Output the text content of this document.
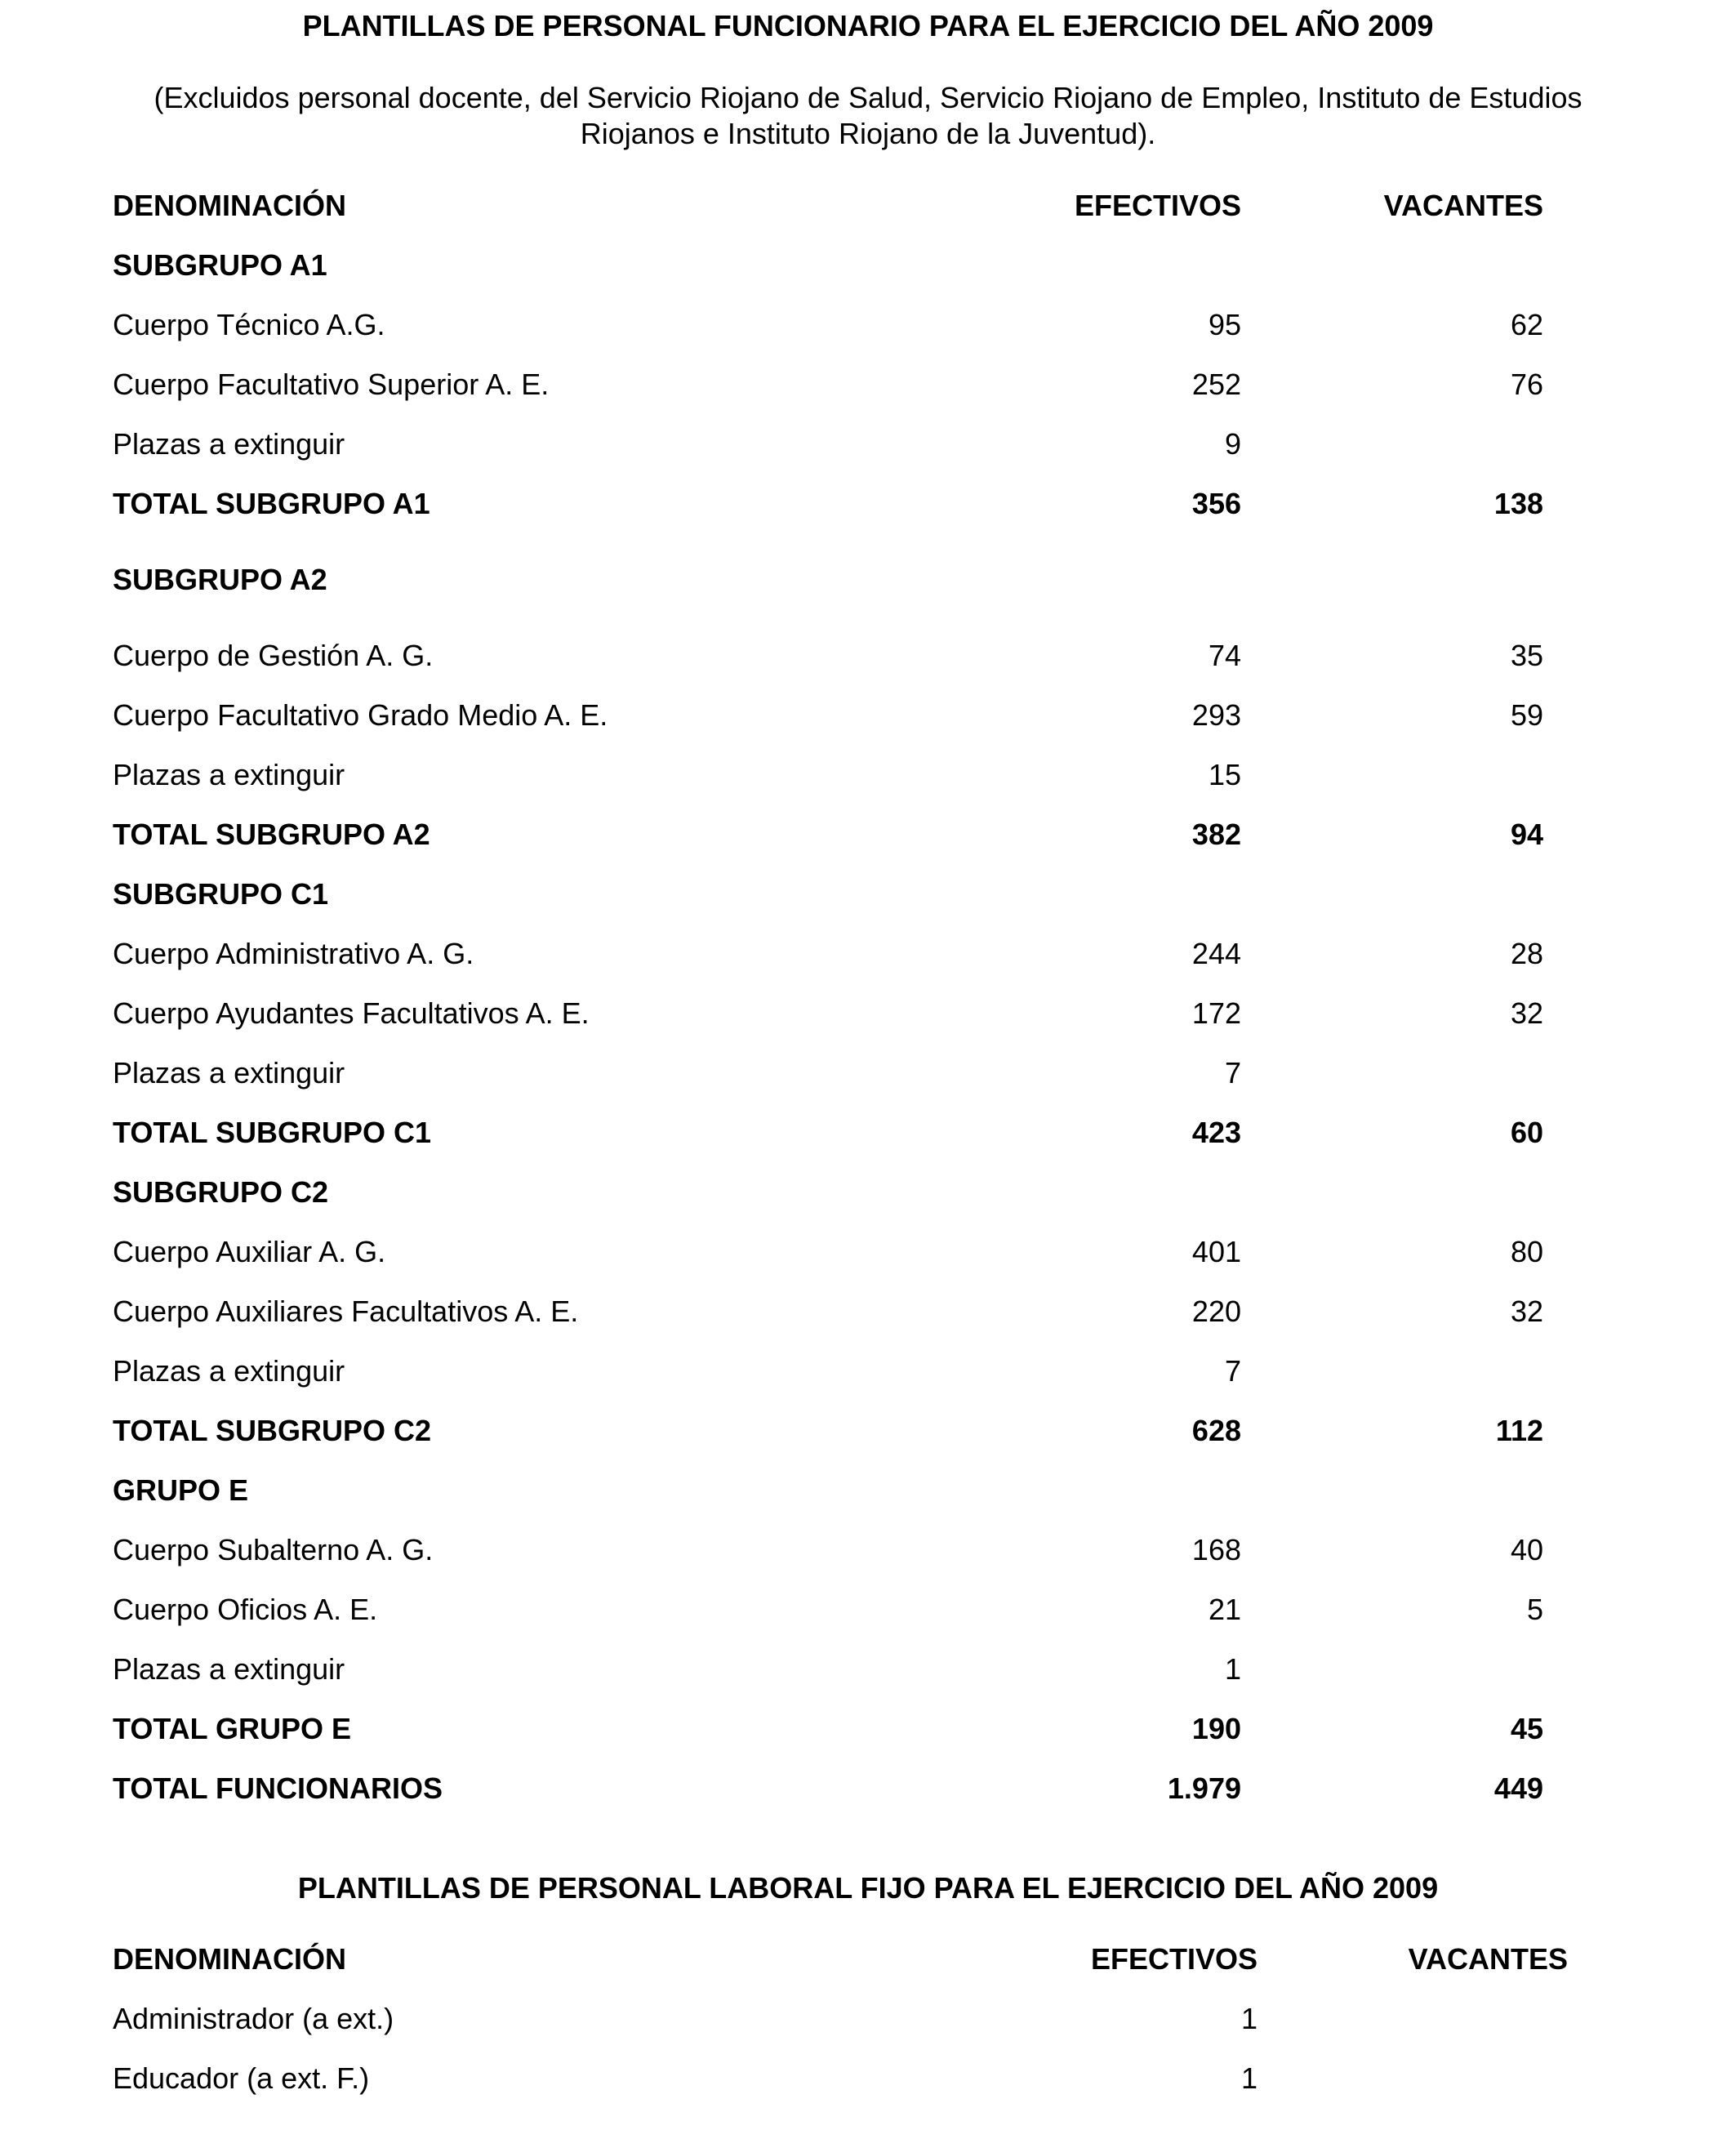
PLANTILLAS DE PERSONAL FUNCIONARIO PARA EL EJERCICIO DEL AÑO 2009
(Excluidos personal docente, del Servicio Riojano de Salud, Servicio Riojano de Empleo, Instituto de Estudios
Riojanos e Instituto Riojano de la Juventud).
DENOMINACIÓN	EFECTIVOS	VACANTES
SUBGRUPO A1
Cuerpo Técnico A.G.	95	62
Cuerpo Facultativo Superior A. E.	252	76
Plazas a extinguir	9
TOTAL SUBGRUPO A1	356	138
SUBGRUPO A2
Cuerpo de Gestión A. G.	74	35
Cuerpo Facultativo Grado Medio A. E.	293	59
Plazas a extinguir	15
TOTAL SUBGRUPO A2	382	94
SUBGRUPO C1
Cuerpo Administrativo A. G.	244	28
Cuerpo Ayudantes Facultativos A. E.	172	32
Plazas a extinguir	7
TOTAL SUBGRUPO C1	423	60
SUBGRUPO C2
Cuerpo Auxiliar A. G.	401	80
Cuerpo Auxiliares Facultativos A. E.	220	32
Plazas a extinguir	7
TOTAL SUBGRUPO C2	628	112
GRUPO E
Cuerpo Subalterno A. G.	168	40
Cuerpo Oficios A. E.	21	5
Plazas a extinguir	1
TOTAL GRUPO E	190	45
TOTAL FUNCIONARIOS	1.979	449
PLANTILLAS DE PERSONAL LABORAL FIJO PARA EL EJERCICIO DEL AÑO 2009
DENOMINACIÓN	EFECTIVOS	VACANTES
Administrador (a ext.)	1
Educador (a ext. F.)	1
